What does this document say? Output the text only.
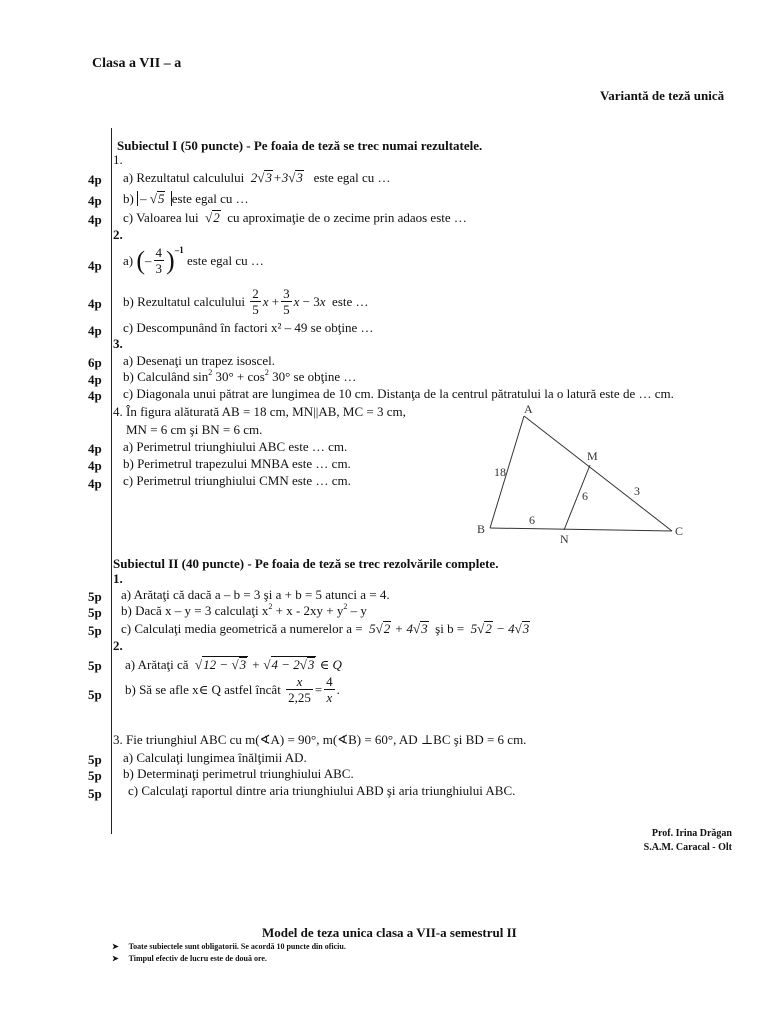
Clasa a VII – a
Variantă de teză unică
Subiectul I (50 puncte) - Pe foaia de teză se trec numai rezultatele.
1.
4p a) Rezultatul calculului 2√3+3√3 este egal cu …
4p b) – √5 este egal cu …
4p c) Valoarea lui √2 cu aproximaţie de o zecime prin adaos este …
2.
4p a)
( – $\frac{4}{3}$ ) –1

este egal cu …
4p b) Rezultatul calculului
$\frac{2}{5}$ x
+ $\frac{3}{5}$ x
− 3 x
este …
4p c) Descompunând în factori x² – 49 se obţine …
3.
6p a) Desenaţi un trapez isoscel.
4p b) Calculând $\sin^2 30^\circ + \cos^2 30^\circ$ se obţine …
4p c) Diagonala unui pătrat are lungimea de 10 cm. Distanţa de la centrul pătratului la o latură este de … cm.
4. În figura alăturată AB = 18 cm, MN||AB, MC = 3 cm,
MN = 6 cm şi BN = 6 cm.
4p a) Perimetrul triunghiului ABC este … cm.
4p b) Perimetrul trapezului MNBA este … cm.
4p c) Perimetrul triunghiului CMN este … cm.
A
B	C
M
N
18
6
6
3
Subiectul II (40 puncte) - Pe foaia de teză se trec rezolvările complete.
1.
5p a) Arătaţi că dacă a – b = 3 şi a + b = 5 atunci a = 4.
5p b) Dacă x – y = 3 calculaţi $x^2 + x - 2xy + y^2 - y$
5p c) Calculaţi media geometrică a numerelor a = 5√2 + 4√3 şi b = 5√2 − 4√3
2.
5p a) Arătaţi că √12 − √3 + √4 − 2√3 ∈ Q
5p b) Să se afle x∈ Q astfel încât
$\frac{x}{2,25} = \frac{4}{x}$ .
3. Fie triunghiul ABC cu m(∢A) = 90°, m(∢B) = 60°, AD ⊥BC şi BD = 6 cm.
5p a) Calculaţi lungimea înălţimii AD.
5p b) Determinaţi perimetrul triunghiului ABC.
5p c) Calculaţi raportul dintre aria triunghiului ABD şi aria triunghiului ABC.
Prof. Irina Drăgan
S.A.M. Caracal - Olt
Model de teza unica clasa a VII-a semestrul II
➤ Toate subiectele sunt obligatorii. Se acordă 10 puncte din oficiu.
➤ Timpul efectiv de lucru este de două ore.
